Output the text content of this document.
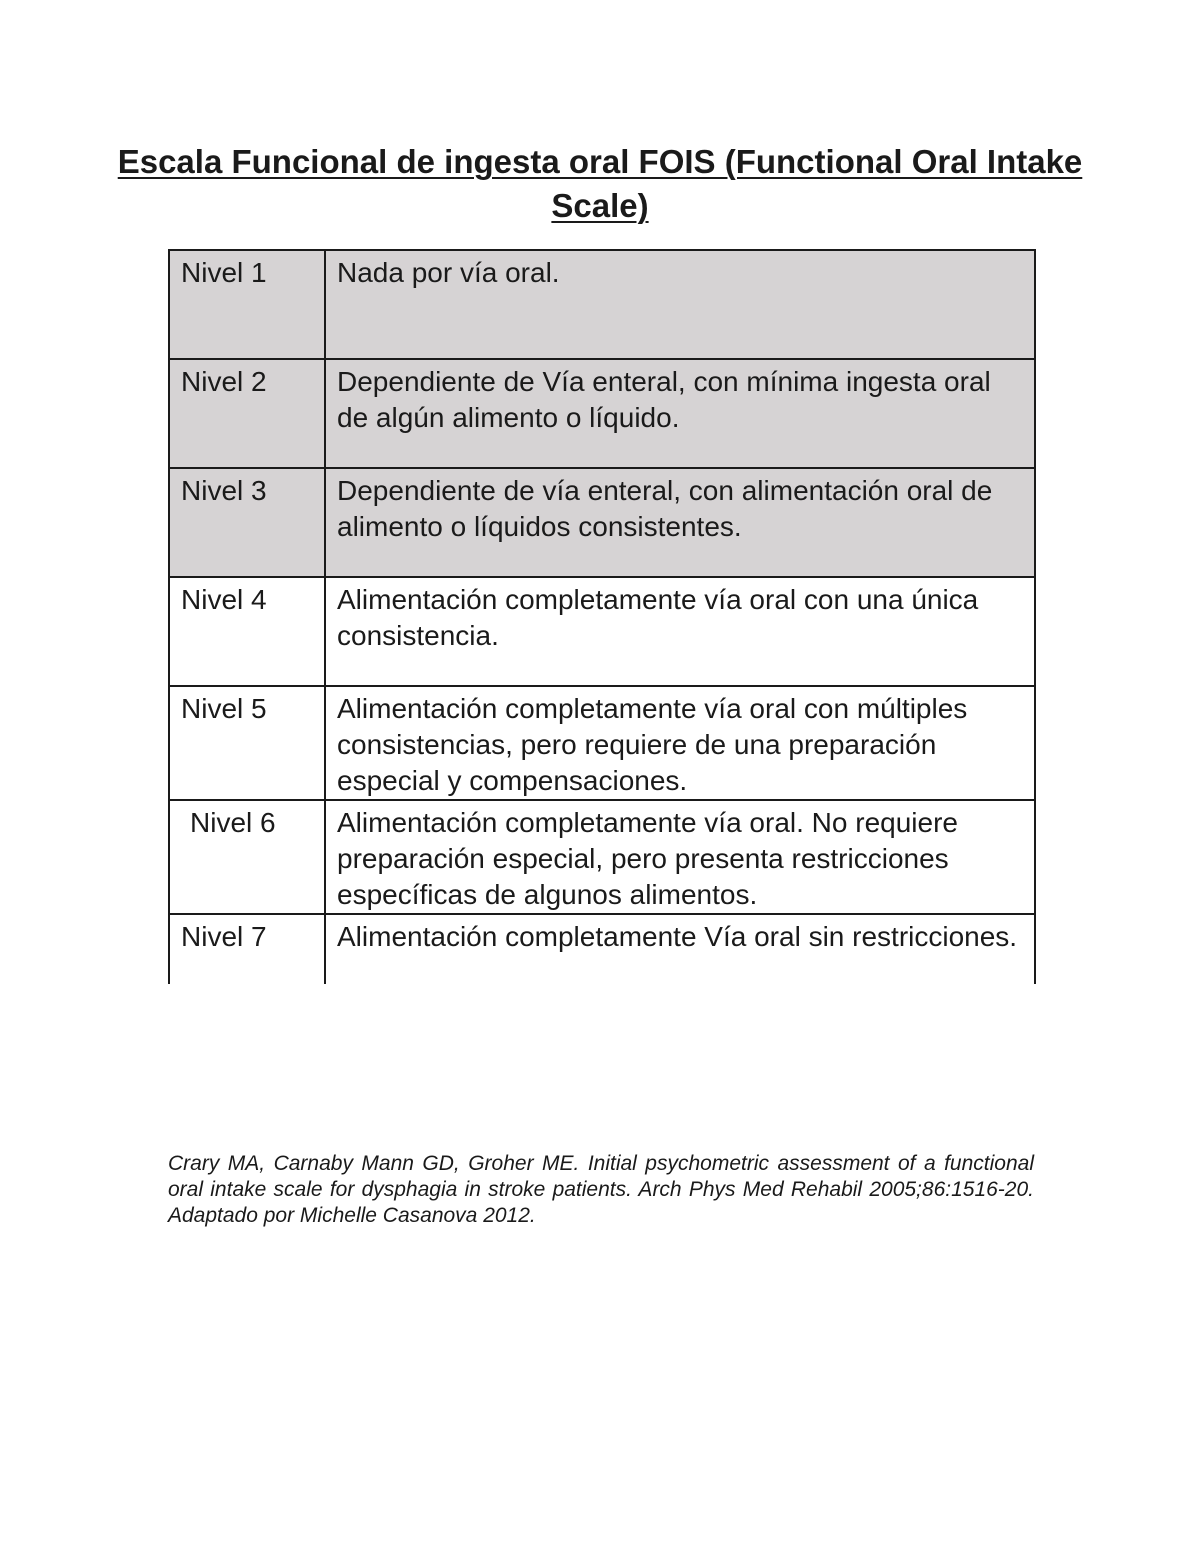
Escala Funcional de ingesta oral FOIS (Functional Oral Intake Scale)
Nivel 1	Nada por vía oral.
Nivel 2	Dependiente de Vía enteral, con mínima ingesta oral de algún alimento o líquido.
Nivel 3	Dependiente de vía enteral, con alimentación oral de alimento o líquidos consistentes.
Nivel 4	Alimentación completamente vía oral con una única consistencia.
Nivel 5	Alimentación completamente vía oral con múltiples consistencias, pero requiere de una preparación especial y compensaciones.
Nivel 6	Alimentación completamente vía oral. No requiere preparación especial, pero presenta restricciones específicas de algunos alimentos.
Nivel 7	Alimentación completamente Vía oral sin restricciones.

Crary MA, Carnaby Mann GD, Groher ME. Initial psychometric assessment of a functional oral intake scale for dysphagia in stroke patients. Arch Phys Med Rehabil 2005;86:1516-20. Adaptado por Michelle Casanova 2012.
